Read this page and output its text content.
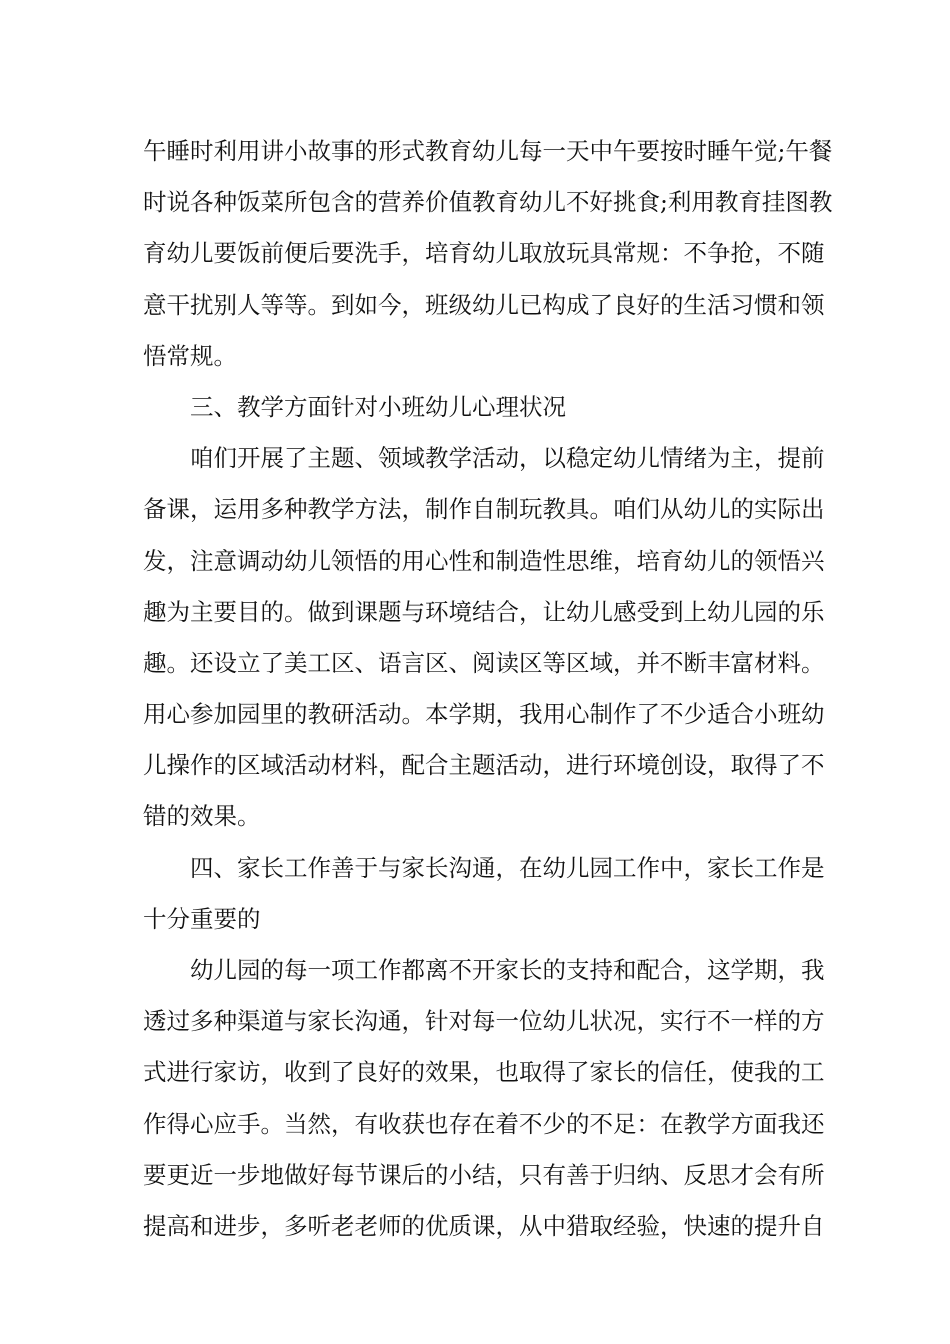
午睡时利用讲小故事的形式教育幼儿每一天中午要按时睡午觉;午餐
时说各种饭菜所包含的营养价值教育幼儿不好挑食;利用教育挂图教
育幼儿要饭前便后要洗手，培育幼儿取放玩具常规：不争抢，不随
意干扰别人等等。到如今，班级幼儿已构成了良好的生活习惯和领
悟常规。
三、教学方面针对小班幼儿心理状况
咱们开展了主题、领域教学活动，以稳定幼儿情绪为主，提前
备课，运用多种教学方法，制作自制玩教具。咱们从幼儿的实际出
发，注意调动幼儿领悟的用心性和制造性思维，培育幼儿的领悟兴
趣为主要目的。做到课题与环境结合，让幼儿感受到上幼儿园的乐
趣。还设立了美工区、语言区、阅读区等区域，并不断丰富材料。
用心参加园里的教研活动。本学期，我用心制作了不少适合小班幼
儿操作的区域活动材料，配合主题活动，进行环境创设，取得了不
错的效果。
四、家长工作善于与家长沟通，在幼儿园工作中，家长工作是
十分重要的
幼儿园的每一项工作都离不开家长的支持和配合，这学期，我
透过多种渠道与家长沟通，针对每一位幼儿状况，实行不一样的方
式进行家访，收到了良好的效果，也取得了家长的信任，使我的工
作得心应手。当然，有收获也存在着不少的不足：在教学方面我还
要更近一步地做好每节课后的小结，只有善于归纳、反思才会有所
提高和进步，多听老老师的优质课，从中猎取经验，快速的提升自
